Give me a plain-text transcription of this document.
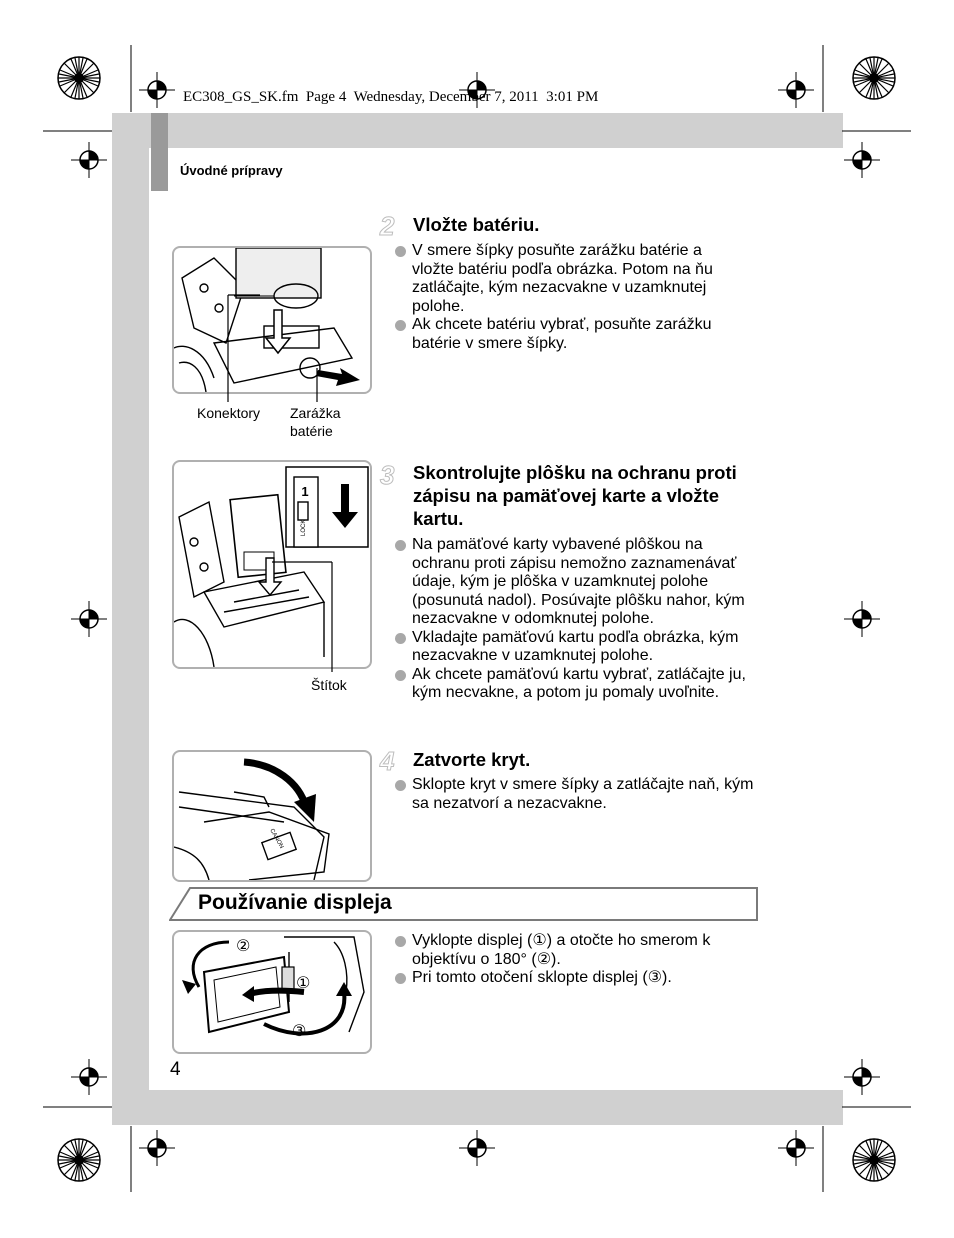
EC308_GS_SK.fm  Page 4  Wednesday, December 7, 2011  3:01 PM
Úvodné prípravy
Konektory Zarážka
batérie
2 Vložte batériu.
V smere šípky posuňte zarážku batérie a vložte batériu podľa obrázka. Potom na ňu zatláčajte, kým nezacvakne v uzamknutej polohe.
Ak chcete batériu vybrať, posuňte zarážku batérie v smere šípky.
1
LOCK
Štítok
3 Skontrolujte plôšku na ochranu proti zápisu na pamäťovej karte a vložte kartu.
Na pamäťové karty vybavené plôškou na ochranu proti zápisu nemožno zaznamenávať údaje, kým je plôška v uzamknutej polohe (posunutá nadol). Posúvajte plôšku nahor, kým nezacvakne v odomknutej polohe.
Vkladajte pamäťovú kartu podľa obrázka, kým nezacvakne v uzamknutej polohe.
Ak chcete pamäťovú kartu vybrať, zatláčajte ju, kým necvakne, a potom ju pomaly uvoľnite.
CANON
4 Zatvorte kryt.
Sklopte kryt v smere šípky a zatláčajte naň, kým sa nezatvorí a nezacvakne.
Používanie displeja
②
①
③
Vyklopte displej (①) a otočte ho smerom k objektívu o 180° (②).
Pri tomto otočení sklopte displej (③).
4
